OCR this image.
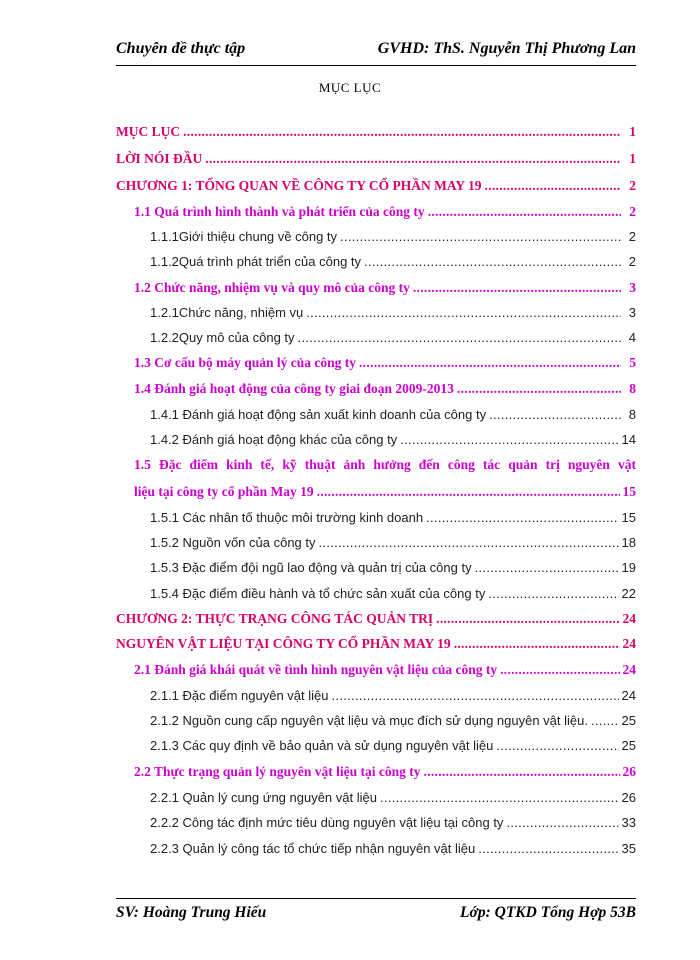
Chuyên đề thực tập	GVHD: ThS. Nguyễn Thị Phương Lan
MỤC LỤC
MỤC LỤC .....	1
LỜI NÓI ĐẦU .....	1
CHƯƠNG 1: TỔNG QUAN VỀ CÔNG TY CỔ PHẦN MAY 19 .....	2
1.1 Quá trình hình thành và phát triển của công ty .....	2
1.1.1Giới thiệu chung về công ty .....	2
1.1.2Quá trình phát triển của công ty .....	2
1.2 Chức năng, nhiệm vụ và quy mô của công ty .....	3
1.2.1Chức năng, nhiệm vụ .....	3
1.2.2Quy mô của công ty .....	4
1.3 Cơ cấu bộ máy quản lý của công ty .....	5
1.4 Đánh giá hoạt động của công ty giai đoạn 2009-2013 .....	8
1.4.1 Đánh giá hoạt động sản xuất kinh doanh của công ty .....	8
1.4.2 Đánh giá hoạt động khác của công ty .....	14
1.5 Đặc điểm kinh tế, kỹ thuật ảnh hưởng đến công tác quản trị nguyên vật
liệu tại công ty cổ phần May 19 .....	15
1.5.1 Các nhân tố thuộc môi trường kinh doanh .....	15
1.5.2 Nguồn vốn của công ty .....	18
1.5.3 Đặc điểm đội ngũ lao động và quản trị của công ty .....	19
1.5.4 Đặc điểm điều hành và tổ chức sản xuất của công ty .....	22
CHƯƠNG 2: THỰC TRẠNG CÔNG TÁC QUẢN TRỊ .....	24
NGUYÊN VẬT LIỆU TẠI CÔNG TY CỔ PHẦN MAY 19 .....	24
2.1 Đánh giá khái quát về tình hình nguyên vật liệu của công ty .....	24
2.1.1 Đặc điểm nguyên vật liệu .....	24
2.1.2 Nguồn cung cấp nguyên vật liệu và mục đích sử dụng nguyên vật liệu. .....	25
2.1.3 Các quy định về bảo quản và sử dụng nguyên vật liệu .....	25
2.2 Thực trạng quản lý nguyên vật liệu tại công ty .....	26
2.2.1 Quản lý cung ứng nguyên vật liệu .....	26
2.2.2 Công tác định mức tiêu dùng nguyên vật liệu tại công ty .....	33
2.2.3 Quản lý công tác tổ chức tiếp nhận nguyên vật liệu .....	35
SV: Hoàng Trung Hiếu	Lớp: QTKD Tổng Hợp 53B
